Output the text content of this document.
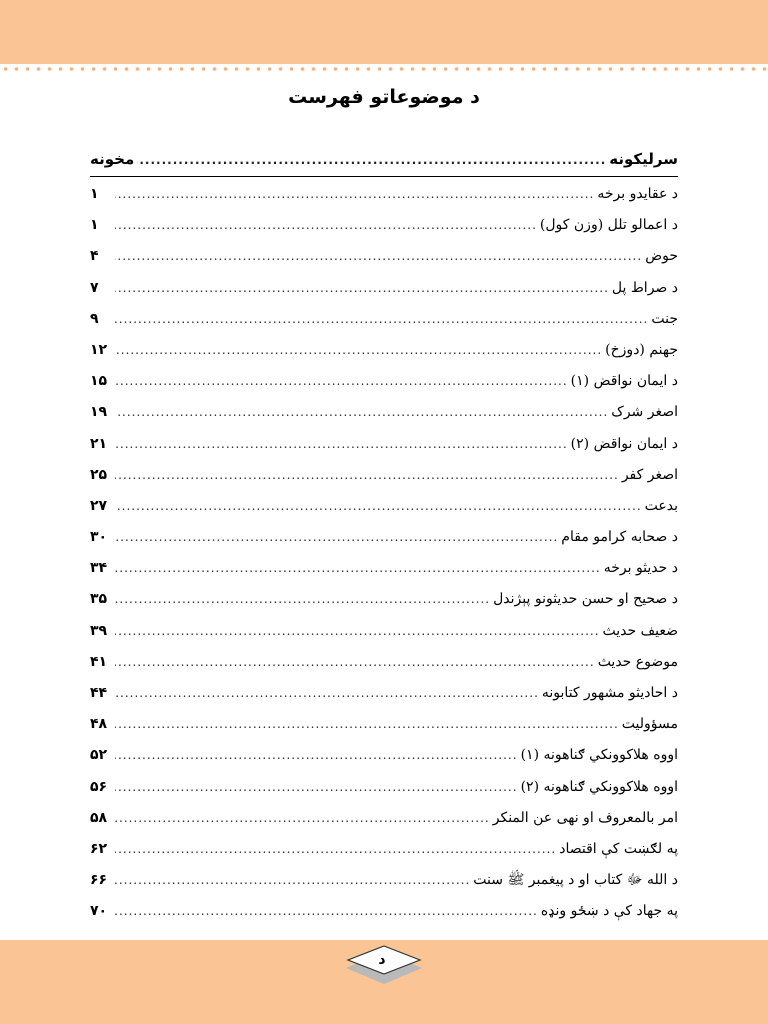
د موضوعاتو فهرست
سرلیکونه
.....
مخونه
د عقایدو برخه
.....
۱
د اعمالو تلل (وزن کول)
.....
۱
حوض
.....
۴
د صراط پل
.....
۷
جنت
.....
۹
جهنم (دوزخ)
.....
۱۲
د ایمان نواقض (۱)
.....
۱۵
اصغر شرک
.....
۱۹
د ایمان نواقض (۲)
.....
۲۱
اصغر کفر
.....
۲۵
بدعت
.....
۲۷
د صحابه کرامو مقام
.....
۳۰
د حدیثو برخه
.....
۳۴
د صحیح او حسن حدیثونو پېژندل
.....
۳۵
ضعیف حدیث
.....
۳۹
موضوع حدیث
.....
۴۱
د احادیثو مشهور کتابونه
.....
۴۴
مسؤولیت
.....
۴۸
اووه هلاکوونکي ګناهونه (۱)
.....
۵۲
اووه هلاکوونکي ګناهونه (۲)
.....
۵۶
امر بالمعروف او نهی عن المنکر
.....
۵۸
په لګښت کې اقتصاد
.....
۶۲
د الله ﷻ کتاب او د پیغمبر ﷺ سنت
.....
۶۶
په جهاد کې د ښځو ونډه
.....
۷۰
د
